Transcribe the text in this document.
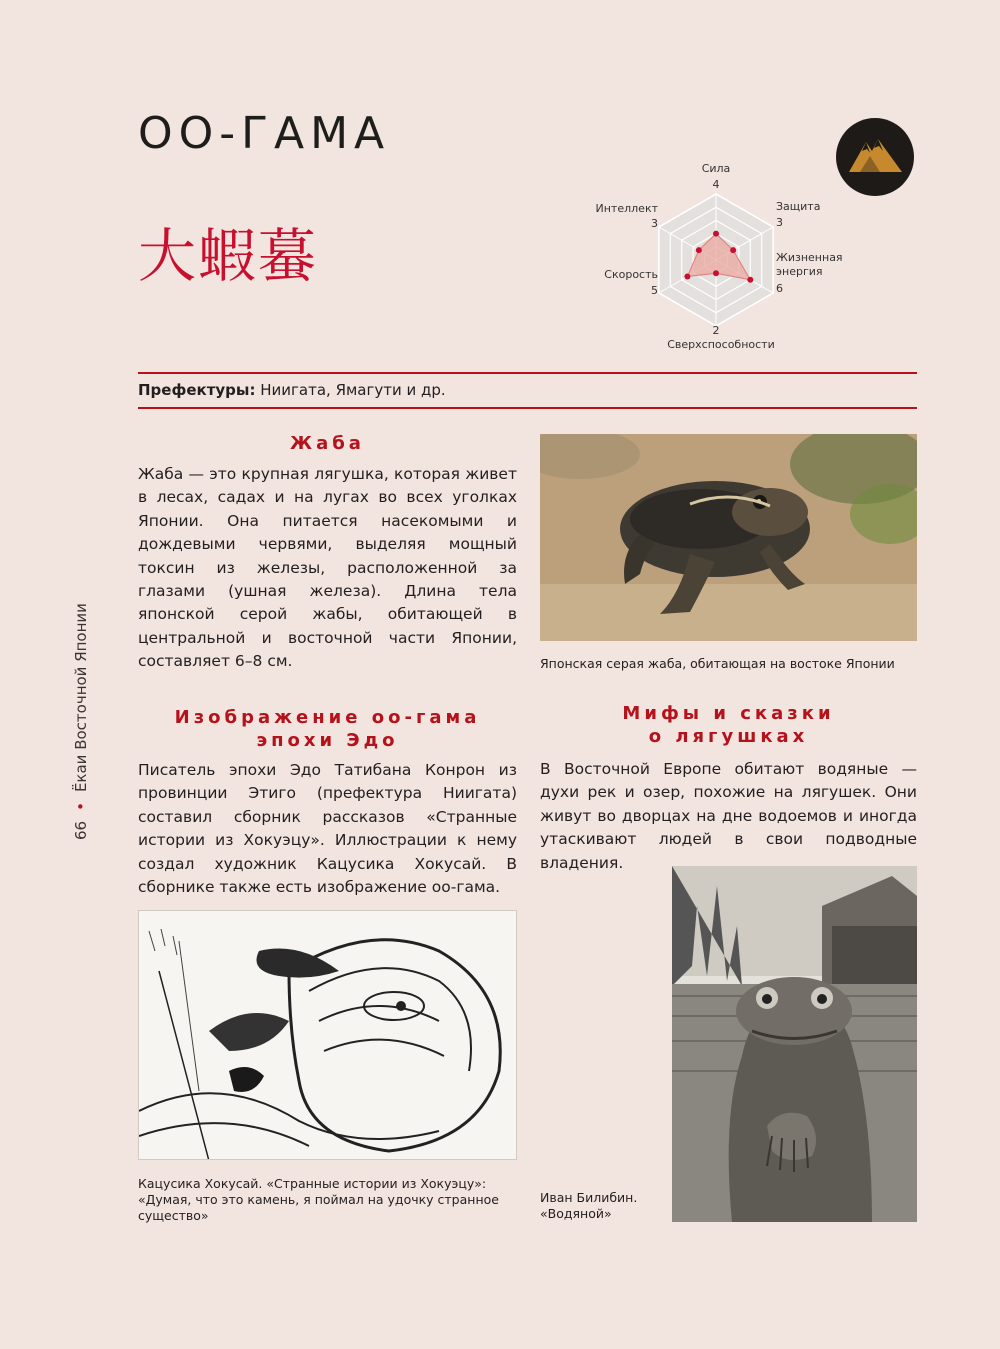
ОО-ГАМА
大蝦蟇
Сила
4
Защита
3
Жизненная
энергия
6
2
Сверхспособности
Скорость
5
Интеллект
3
Префектуры: Ниигата, Ямагути и др.
Жаба

Жаба — это крупная лягушка, которая живет в лесах, садах и на лугах во всех уголках Японии. Она питается насекомыми и дождевыми червями, выделяя мощный токсин из железы, расположенной за глазами (ушная железа). Длина тела японской серой жабы, обитающей в центральной и восточной части Японии, составляет 6–8 см.	Японская серая жаба, обитающая на востоке Японии

Изображение оо-гама
эпохи Эдо

Писатель эпохи Эдо Татибана Конрон из провинции Этиго (префектура Ниигата) составил сборник рассказов «Странные истории из Хокуэцу». Иллюстрации к нему создал художник Кацусика Хокусай. В сборнике также есть изображение оо-гама.

Кацусика Хокусай. «Странные истории из Хокуэцу»:

«Думая, что это камень, я поймал на удочку странное

существо»

Мифы и сказки
о лягушках

В Восточной Европе обитают водяные — духи рек и озер, похожие на лягушек. Они живут во дворцах на дне водоемов и иногда утаскивают людей в свои подводные владения.

Иван Билибин.

«Водяной»

66•Ёкаи Восточной Японии
